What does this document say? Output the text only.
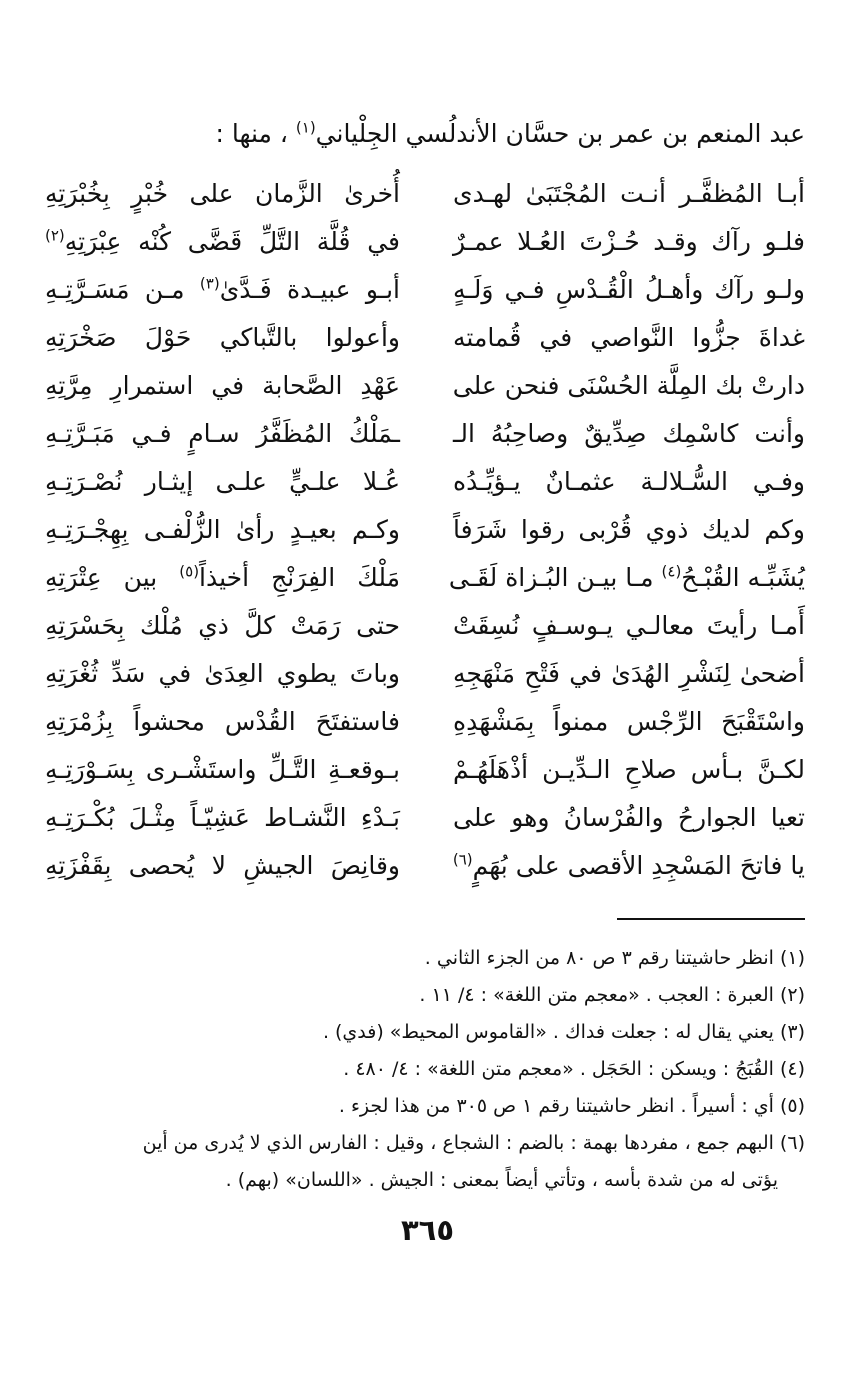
عبد المنعم بن عمر بن حسَّان الأندلُسي الجِلْياني$^{(١)}$ ، منها :
أبـا المُظفَّـر أنـت المُجْتَبَىٰ لهـدى
أُخرىٰ الزَّمان على خُبْرٍ بِخُبْرَتِهِ
فلـو رآك وقـد حُـزْتَ العُـلا عمـرٌ
في قُلَّة التَّلِّ قَضَّى كُنْه عِبْرَتِهِ$^{(٢)}$
ولـو رآك وأهـلُ الْقُـدْسِ فـي وَلَـهٍ
أبـو عبيـدة فَـدَّىٰ$^{(٣)}$ مـن مَسَـرَّتِـهِ
غداةَ جزُّوا النَّواصي في قُمامته
وأعولوا بالتَّباكي حَوْلَ صَخْرَتِهِ
دارتْ بك المِلَّة الحُسْنَى فنحن على
عَهْدِ الصَّحابة في استمرارِ مِرَّتِهِ
وأنت كاسْمِك صِدِّيقٌ وصاحِبُهُ الـ
ـمَلْكُ المُظَفَّرُ سـامٍ فـي مَبَـرَّتِـهِ
وفـي السُّـلالـة عثمـانٌ يـؤيِّـدُه
عُـلا علـيٍّ علـى إيثـار نُصْـرَتِـهِ
وكم لديك ذوي قُرْبى رقوا شَرَفاً
وكـم بعيـدٍ رأىٰ الزُّلْفـى بِهِجْـرَتِـهِ
يُشَبِّـه القُبْـحُ$^{(٤)}$ مـا بيـن البُـزاة لَقَـى
مَلْكَ الفِرَنْجِ أخيذاً$^{(٥)}$ بين عِتْرَتِهِ
أَمـا رأيتَ معالـي يـوسـفٍ نُسِقَتْ
حتى رَمَتْ كلَّ ذي مُلْك بِحَسْرَتِهِ
أضحىٰ لِنَشْرِ الهُدَىٰ في فَتْحِ مَنْهَجِهِ
وباتَ يطوي العِدَىٰ في سَدِّ ثُغْرَتِهِ
واسْتَقْبَحَ الرِّجْس ممنواً بِمَشْهَدِهِ
فاستفتَحَ القُدْس محشواً بِزُمْرَتِهِ
لكـنَّ بـأس صلاحِ الـدِّيـن أذْهَلَهُـمْ
بـوقعـةِ التَّـلِّ واستَشْـرى بِسَـوْرَتِـهِ
تعيا الجوارحُ والفُرْسانُ وهو على
بَـدْءِ النَّشـاط عَشِيّـاً مِثْـلَ بُكْـرَتِـهِ
يا فاتحَ المَسْجِدِ الأقصى على بُهَمٍ$^{(٦)}$
وقانِصَ الجيشِ لا يُحصى بِقَفْزَتِهِ
(١) انظر حاشيتنا رقم ٣ ص ٨٠ من الجزء الثاني .
(٢) العبرة : العجب . «معجم متن اللغة» : ٤/ ١١ .
(٣) يعني يقال له : جعلت فداك . «القاموس المحيط» (فدي) .
(٤) القُبَجُ : ويسكن : الحَجَل . «معجم متن اللغة» : ٤/ ٤٨٠ .
(٥) أي : أسيراً . انظر حاشيتنا رقم ١ ص ٣٠٥ من هذا لجزء .
(٦) البهم جمع ، مفردها بهمة : بالضم : الشجاع ، وقيل : الفارس الذي لا يُدرى من أين
يؤتى له من شدة بأسه ، وتأتي أيضاً بمعنى : الجيش . «اللسان» (بهم) .
٣٦٥
